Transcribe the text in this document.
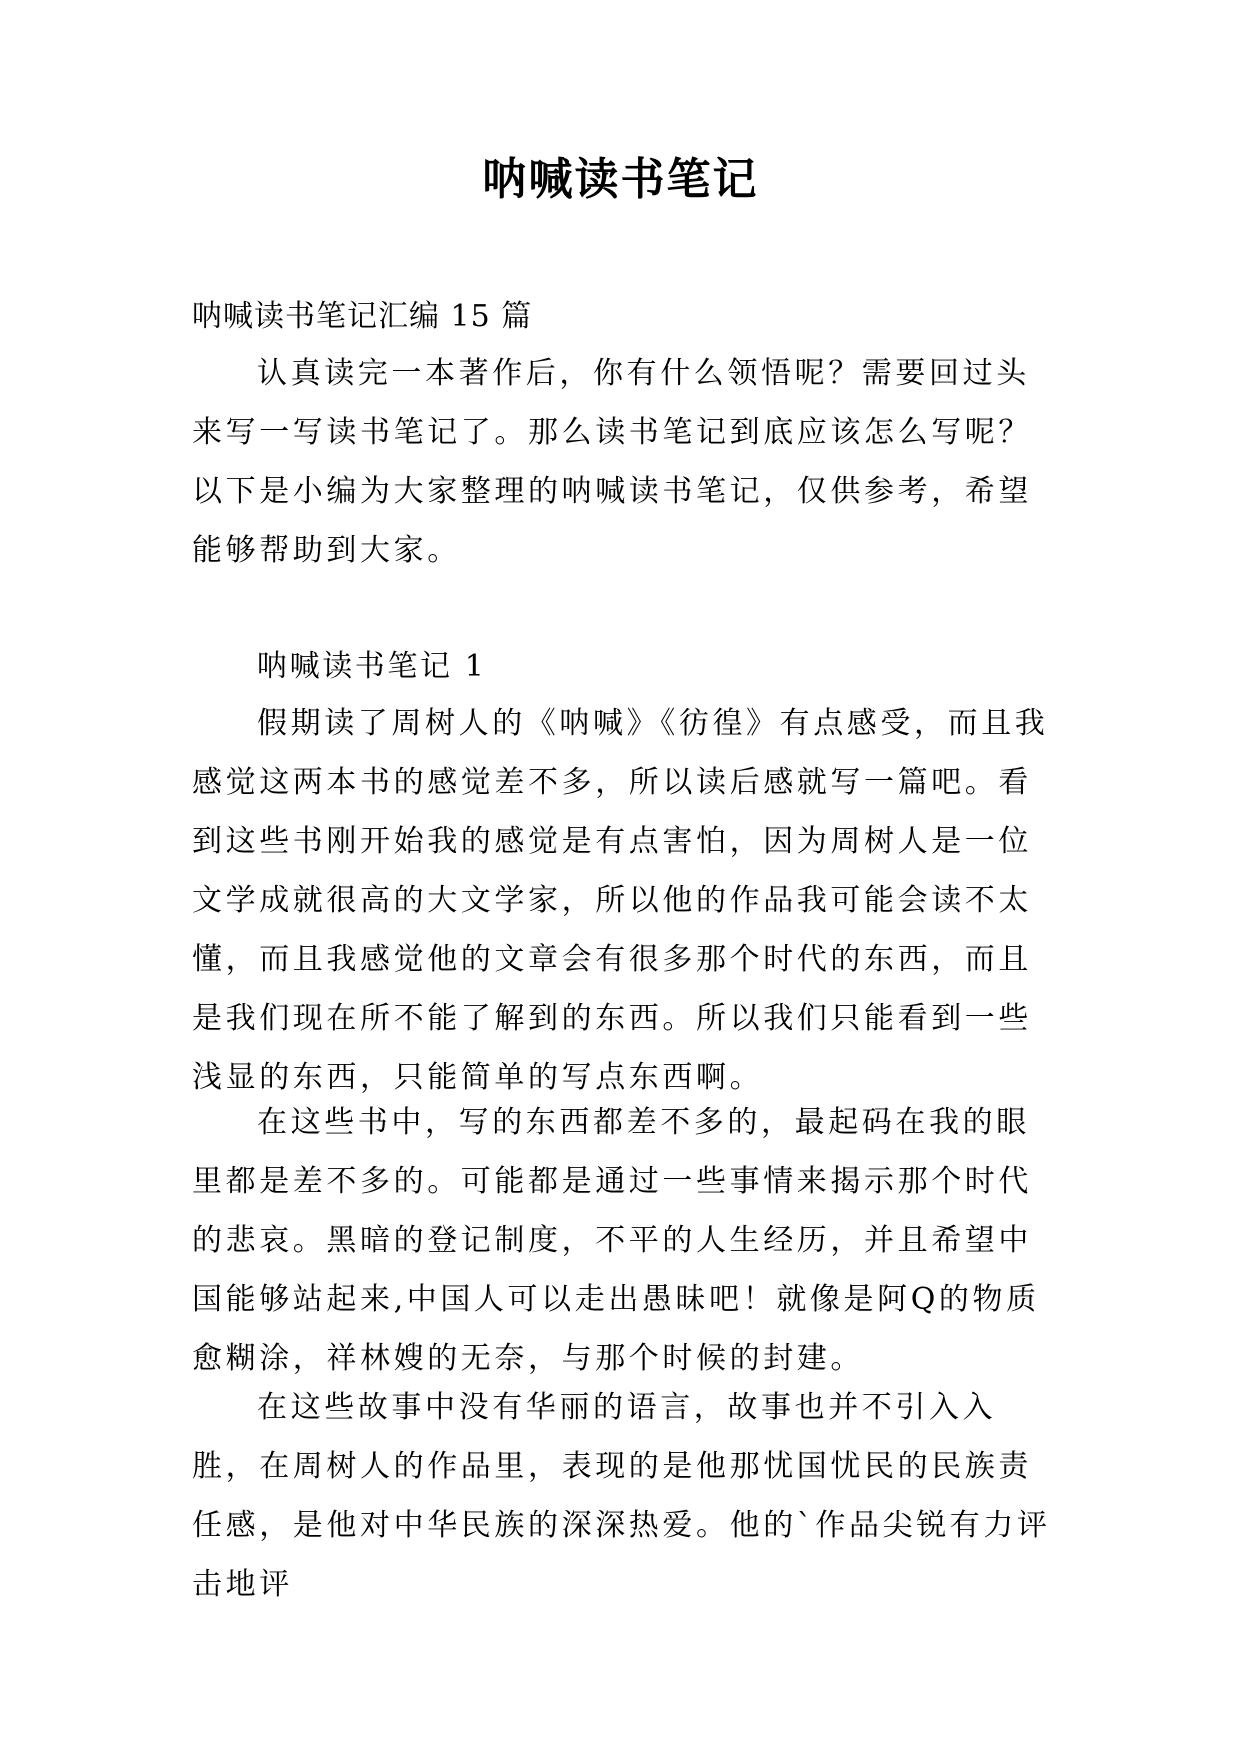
呐喊读书笔记

呐喊读书笔记汇编 15 篇

认真读完一本著作后，你有什么领悟呢？需要回过头来写一写读书笔记了。那么读书笔记到底应该怎么写呢？以下是小编为大家整理的呐喊读书笔记，仅供参考，希望能够帮助到大家。

呐喊读书笔记 1

假期读了周树人的《呐喊》《彷徨》有点感受，而且我感觉这两本书的感觉差不多，所以读后感就写一篇吧。看到这些书刚开始我的感觉是有点害怕，因为周树人是一位文学成就很高的大文学家，所以他的作品我可能会读不太懂，而且我感觉他的文章会有很多那个时代的东西，而且是我们现在所不能了解到的东西。所以我们只能看到一些浅显的东西，只能简单的写点东西啊。

在这些书中，写的东西都差不多的，最起码在我的眼里都是差不多的。可能都是通过一些事情来揭示那个时代的悲哀。黑暗的登记制度，不平的人生经历，并且希望中国能够站起来,中国人可以走出愚昧吧！就像是阿Q的物质愈糊涂，祥林嫂的无奈，与那个时候的封建。

在这些故事中没有华丽的语言，故事也并不引入入胜，在周树人的作品里，表现的是他那忧国忧民的民族责任感，是他对中华民族的深深热爱。他的`作品尖锐有力评击地评
